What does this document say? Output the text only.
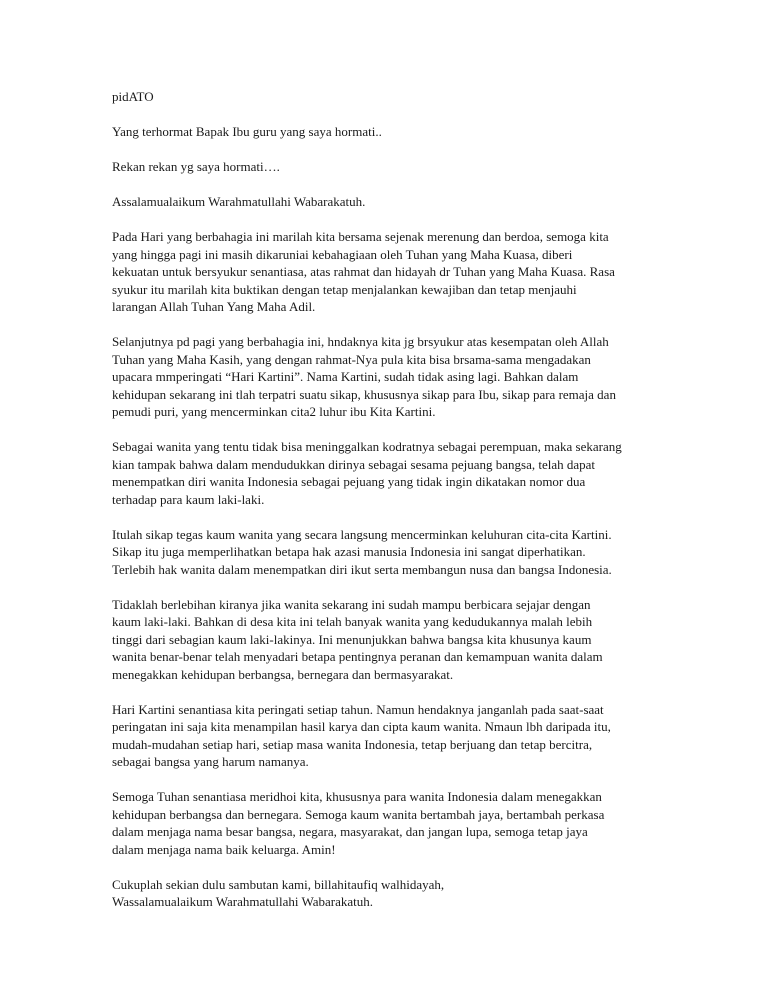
pidATO

Yang terhormat Bapak Ibu guru yang saya hormati..

Rekan rekan yg saya hormati….

Assalamualaikum Warahmatullahi Wabarakatuh.

Pada Hari yang berbahagia ini marilah kita bersama sejenak merenung dan berdoa, semoga kita
yang hingga pagi ini masih dikaruniai kebahagiaan oleh Tuhan yang Maha Kuasa, diberi
kekuatan untuk bersyukur senantiasa, atas rahmat dan hidayah dr Tuhan yang Maha Kuasa. Rasa
syukur itu marilah kita buktikan dengan tetap menjalankan kewajiban dan tetap menjauhi
larangan Allah Tuhan Yang Maha Adil.
Selanjutnya pd pagi yang berbahagia ini, hndaknya kita jg brsyukur atas kesempatan oleh Allah
Tuhan yang Maha Kasih, yang dengan rahmat-Nya pula kita bisa brsama-sama mengadakan
upacara mmperingati “Hari Kartini”. Nama Kartini, sudah tidak asing lagi. Bahkan dalam
kehidupan sekarang ini tlah terpatri suatu sikap, khususnya sikap para Ibu, sikap para remaja dan
pemudi puri, yang mencerminkan cita2 luhur ibu Kita Kartini.
Sebagai wanita yang tentu tidak bisa meninggalkan kodratnya sebagai perempuan, maka sekarang
kian tampak bahwa dalam mendudukkan dirinya sebagai sesama pejuang bangsa, telah dapat
menempatkan diri wanita Indonesia sebagai pejuang yang tidak ingin dikatakan nomor dua
terhadap para kaum laki-laki.
Itulah sikap tegas kaum wanita yang secara langsung mencerminkan keluhuran cita-cita Kartini.
Sikap itu juga memperlihatkan betapa hak azasi manusia Indonesia ini sangat diperhatikan.
Terlebih hak wanita dalam menempatkan diri ikut serta membangun nusa dan bangsa Indonesia.
Tidaklah berlebihan kiranya jika wanita sekarang ini sudah mampu berbicara sejajar dengan
kaum laki-laki. Bahkan di desa kita ini telah banyak wanita yang kedudukannya malah lebih
tinggi dari sebagian kaum laki-lakinya. Ini menunjukkan bahwa bangsa kita khusunya kaum
wanita benar-benar telah menyadari betapa pentingnya peranan dan kemampuan wanita dalam
menegakkan kehidupan berbangsa, bernegara dan bermasyarakat.
Hari Kartini senantiasa kita peringati setiap tahun. Namun hendaknya janganlah pada saat-saat
peringatan ini saja kita menampilan hasil karya dan cipta kaum wanita. Nmaun lbh daripada itu,
mudah-mudahan setiap hari, setiap masa wanita Indonesia, tetap berjuang dan tetap bercitra,
sebagai bangsa yang harum namanya.
Semoga Tuhan senantiasa meridhoi kita, khususnya para wanita Indonesia dalam menegakkan
kehidupan berbangsa dan bernegara. Semoga kaum wanita bertambah jaya, bertambah perkasa
dalam menjaga nama besar bangsa, negara, masyarakat, dan jangan lupa, semoga tetap jaya
dalam menjaga nama baik keluarga. Amin!
Cukuplah sekian dulu sambutan kami, billahitaufiq walhidayah,
Wassalamualaikum Warahmatullahi Wabarakatuh.
